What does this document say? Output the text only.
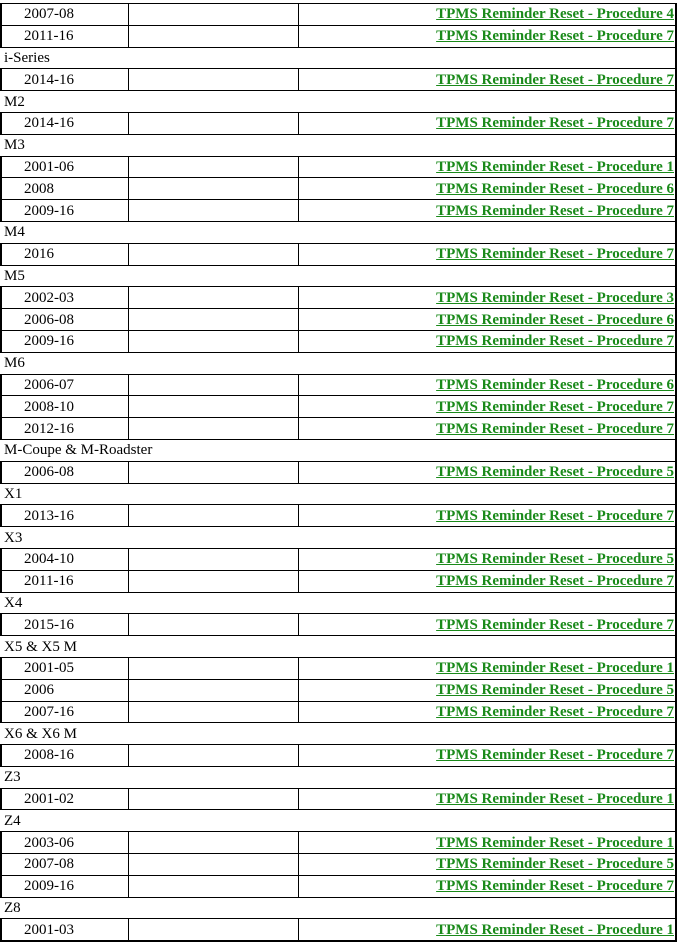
2007-08		TPMS Reminder Reset - Procedure 4
2011-16		TPMS Reminder Reset - Procedure 7
i-Series		
2014-16		TPMS Reminder Reset - Procedure 7
M2		
2014-16		TPMS Reminder Reset - Procedure 7
M3		
2001-06		TPMS Reminder Reset - Procedure 1
2008		TPMS Reminder Reset - Procedure 6
2009-16		TPMS Reminder Reset - Procedure 7
M4		
2016		TPMS Reminder Reset - Procedure 7
M5		
2002-03		TPMS Reminder Reset - Procedure 3
2006-08		TPMS Reminder Reset - Procedure 6
2009-16		TPMS Reminder Reset - Procedure 7
M6		
2006-07		TPMS Reminder Reset - Procedure 6
2008-10		TPMS Reminder Reset - Procedure 7
2012-16		TPMS Reminder Reset - Procedure 7
M-Coupe & M-Roadster		
2006-08		TPMS Reminder Reset - Procedure 5
X1		
2013-16		TPMS Reminder Reset - Procedure 7
X3		
2004-10		TPMS Reminder Reset - Procedure 5
2011-16		TPMS Reminder Reset - Procedure 7
X4		
2015-16		TPMS Reminder Reset - Procedure 7
X5 & X5 M		
2001-05		TPMS Reminder Reset - Procedure 1
2006		TPMS Reminder Reset - Procedure 5
2007-16		TPMS Reminder Reset - Procedure 7
X6 & X6 M		
2008-16		TPMS Reminder Reset - Procedure 7
Z3		
2001-02		TPMS Reminder Reset - Procedure 1
Z4		
2003-06		TPMS Reminder Reset - Procedure 1
2007-08		TPMS Reminder Reset - Procedure 5
2009-16		TPMS Reminder Reset - Procedure 7
Z8		
2001-03		TPMS Reminder Reset - Procedure 1
